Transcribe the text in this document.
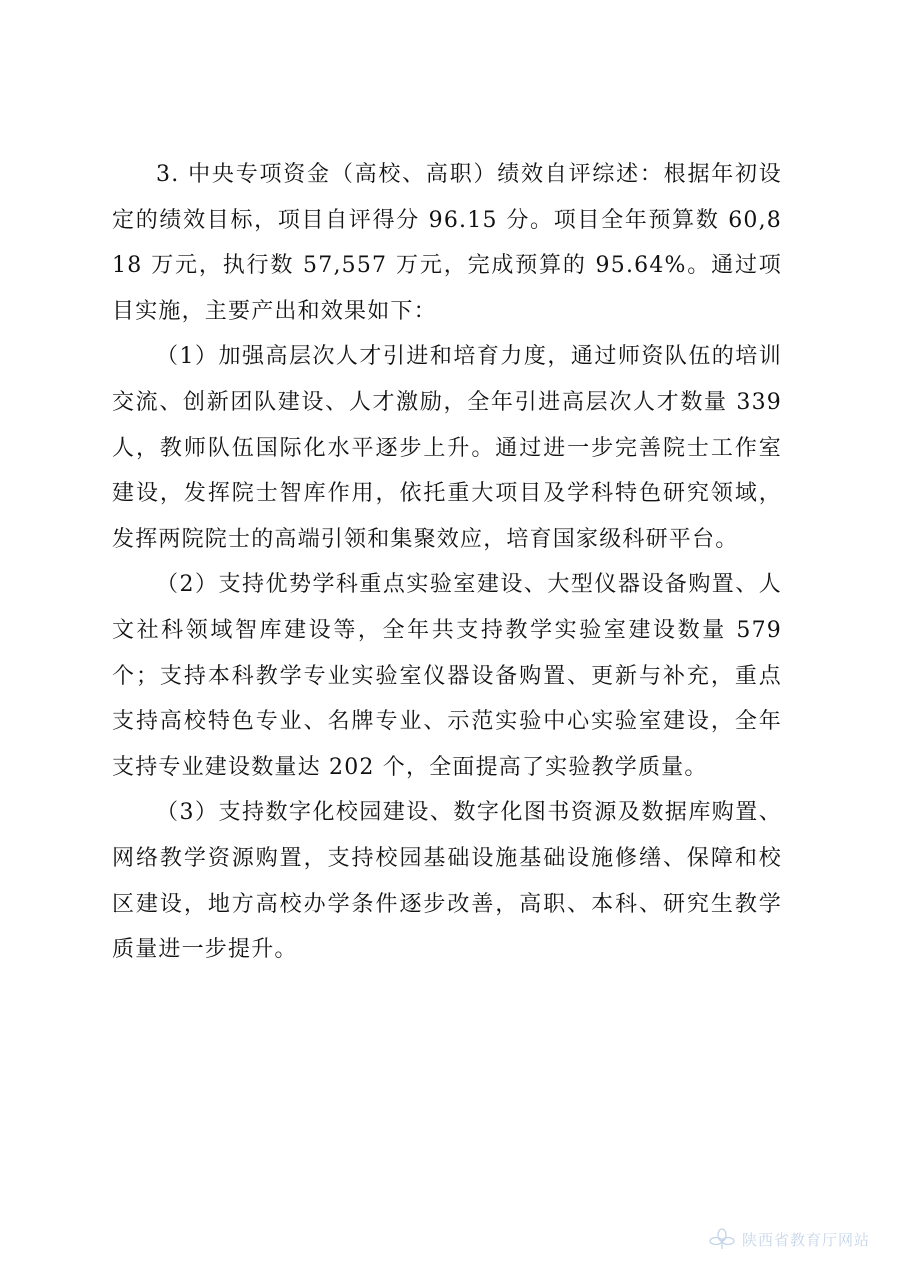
3. 中央专项资金（高校、高职）绩效自评综述：根据年初设定的绩效目标，项目自评得分 96.15 分。项目全年预算数 60,818 万元，执行数 57,557 万元，完成预算的 95.64%。通过项目实施，主要产出和效果如下：

（1）加强高层次人才引进和培育力度，通过师资队伍的培训交流、创新团队建设、人才激励，全年引进高层次人才数量 339 人，教师队伍国际化水平逐步上升。通过进一步完善院士工作室建设，发挥院士智库作用，依托重大项目及学科特色研究领域，发挥两院院士的高端引领和集聚效应，培育国家级科研平台。

（2）支持优势学科重点实验室建设、大型仪器设备购置、人文社科领域智库建设等，全年共支持教学实验室建设数量 579 个；支持本科教学专业实验室仪器设备购置、更新与补充，重点支持高校特色专业、名牌专业、示范实验中心实验室建设，全年支持专业建设数量达 202 个，全面提高了实验教学质量。

（3）支持数字化校园建设、数字化图书资源及数据库购置、网络教学资源购置，支持校园基础设施基础设施修缮、保障和校区建设，地方高校办学条件逐步改善，高职、本科、研究生教学质量进一步提升。

陕西省教育厅网站
